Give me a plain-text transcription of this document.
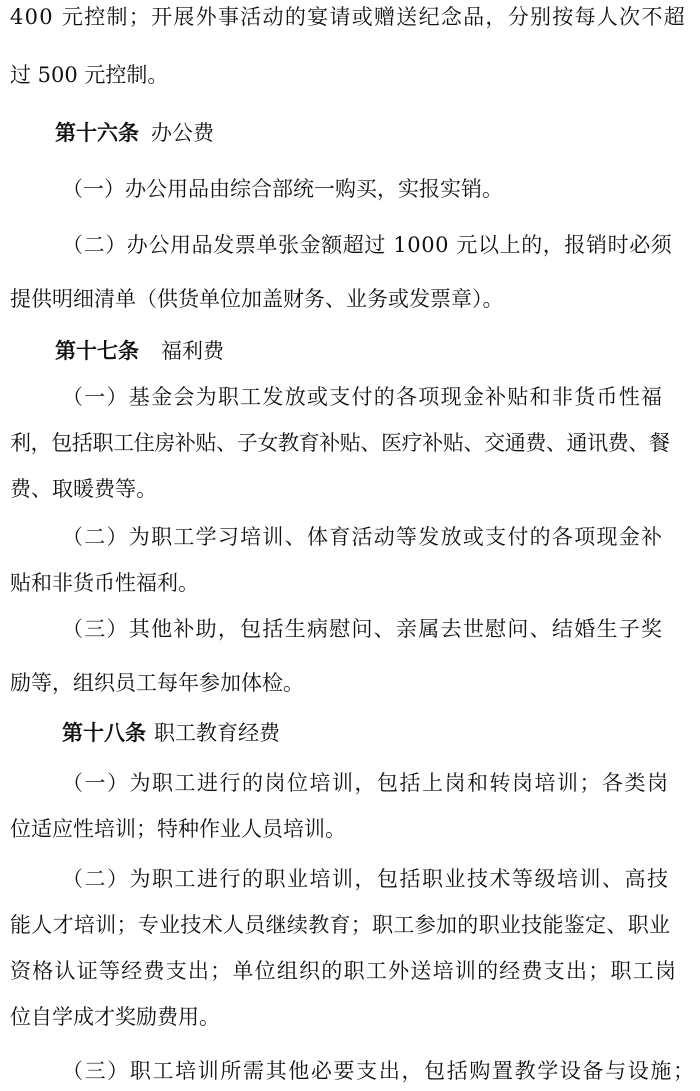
400 元控制；开展外事活动的宴请或赠送纪念品，分别按每人次不超
过 500 元控制。
第十六条 办公费
（一）办公用品由综合部统一购买，实报实销。
（二）办公用品发票单张金额超过 1000 元以上的，报销时必须
提供明细清单（供货单位加盖财务、业务或发票章）。
第十七条 福利费
（一）基金会为职工发放或支付的各项现金补贴和非货币性福
利，包括职工住房补贴、子女教育补贴、医疗补贴、交通费、通讯费、餐
费、取暖费等。
（二）为职工学习培训、体育活动等发放或支付的各项现金补
贴和非货币性福利。
（三）其他补助，包括生病慰问、亲属去世慰问、结婚生子奖
励等，组织员工每年参加体检。
第十八条 职工教育经费
（一）为职工进行的岗位培训，包括上岗和转岗培训；各类岗
位适应性培训；特种作业人员培训。
（二）为职工进行的职业培训，包括职业技术等级培训、高技
能人才培训；专业技术人员继续教育；职工参加的职业技能鉴定、职业
资格认证等经费支出；单位组织的职工外送培训的经费支出；职工岗
位自学成才奖励费用。
（三）职工培训所需其他必要支出，包括购置教学设备与设施；
